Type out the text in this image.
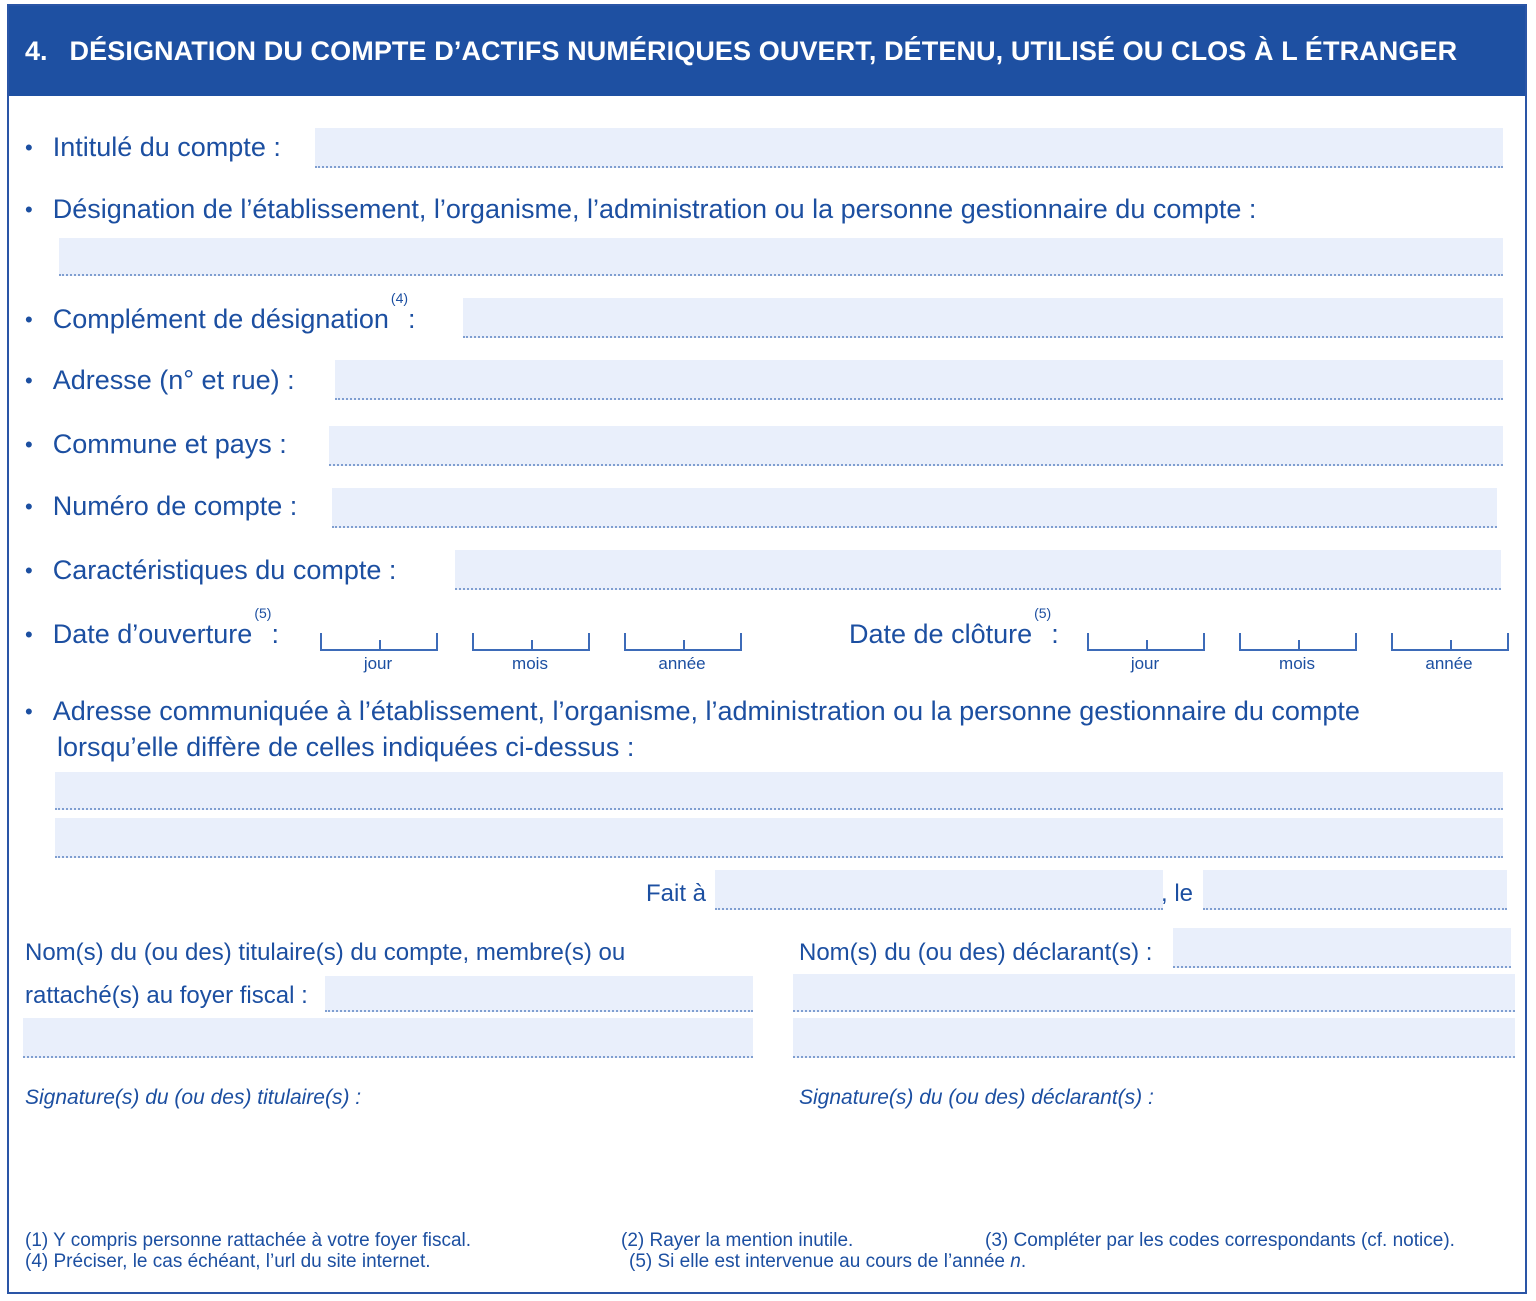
4. DÉSIGNATION DU COMPTE D’ACTIFS NUMÉRIQUES OUVERT, DÉTENU, UTILISÉ OU CLOS À L ÉTRANGER
• Intitulé du compte :
• Désignation de l’établissement, l’organisme, l’administration ou la personne gestionnaire du compte :
• Complément de désignation
(4)
:
• Adresse (n° et rue) :
• Commune et pays :
• Numéro de compte :
• Caractéristiques du compte :
• Date d’ouverture
(5)
:
jour	mois	année
Date de clôture
(5)
:
jour	mois	année
• Adresse communiquée à l’établissement, l’organisme, l’administration ou la personne gestionnaire du compte
lorsqu’elle diffère de celles indiquées ci-dessus :
Fait à	, le
Nom(s) du (ou des) titulaire(s) du compte, membre(s) ou
rattaché(s) au foyer fiscal :
Nom(s) du (ou des) déclarant(s) :
Signature(s) du (ou des) titulaire(s) :	Signature(s) du (ou des) déclarant(s) :
(1) Y compris personne rattachée à votre foyer fiscal.	(2) Rayer la mention inutile.	(3) Compléter par les codes correspondants (cf. notice).
(4) Préciser, le cas échéant, l’url du site internet.	(5) Si elle est intervenue au cours de l’année n.
